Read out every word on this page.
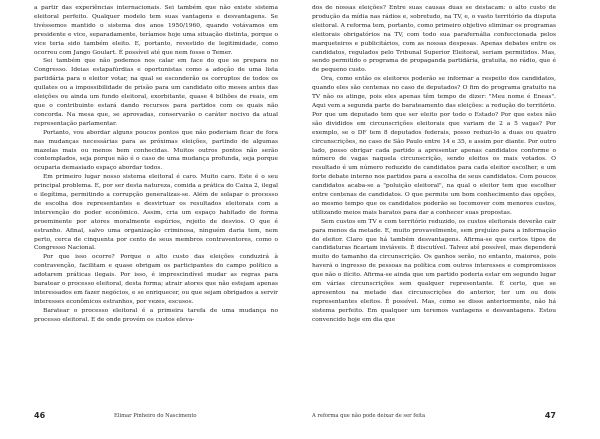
a partir das experiências internacionais. Sei também que não existe sistema eleitoral perfeito. Qualquer modelo tem suas vantagens e desvantagens. Se tivéssemos mantido o sistema dos anos 1950/1960, quando votávamos em presidente e vice, separadamente, teríamos hoje uma situação distinta, porque o vice teria sido também eleito. E, portanto, revestido de legitimidade, como ocorreu com Jango Goulart. É possível até que nem fosse o Temer.

Sei também que não podemos nos calar em face do que se prepara no Congresso. Ideias estapafúrdias e oportunistas como a adoção de uma lista partidária para o eleitor votar, na qual se esconderão os corruptos de todos os quilates ou a impossibilidade de prisão para um candidato oito meses antes das eleições ou ainda um fundo eleitoral, exorbitante, quase 4 bilhões de reais, em que o contribuinte estará dando recursos para partidos com os quais não concorda. Na mesa que, se aprovadas, conservarão o caráter nocivo da atual representação parlamentar.

Portanto, vou abordar alguns poucos pontos que não poderiam ficar de fora nas mudanças necessárias para as próximas eleições, partindo de algumas mazelas mais ou menos bem conhecidas. Muitos outros pontos não serão contemplados, seja porque não é o caso de uma mudança profunda, seja porque ocuparia demasiado espaço abordar todos.

Em primeiro lugar nosso sistema eleitoral é caro. Muito caro. Este é o seu principal problema. E, por ser desta natureza, comida a prática do Caixa 2, ilegal e ilegítima, permitindo a corrupção generalizas-se. Além de solapar o processo de escolha dos representantes e desvirtuar os resultados eleitorais com a intervenção do poder econômico. Assim, cria um espaço habitado de forma proeminente por atores moralmente espúrios, rejeito de desvios. O que é estranho. Afinal, salvo uma organização criminosa, ninguém daria tem, nem perto, cerca de cinquenta por cento de seus membros contraventores, como o Congresso Nacional.

Por que isso ocorre? Porque o alto custo das eleições conduzirá à contravenção, facilitam e quase obrigam os participantes do campo político a adotarem práticas ilegais. Por isso, é imprescindível mudar as regras para baratear o processo eleitoral, desta forma; atrair atores que não estejam apenas interessados em fazer negócios, e se enriquecer, ou que sejam obrigados a servir interesses econômicos estranhos, por vezes, escusos.

Baratear o processo eleitoral é a primeira tarefa de uma mudança no processo eleitoral. E de onde provém os custos eleva-

46	Elimar Pinheiro do Nascimento

dos de nossas eleições? Entre suas causas duas se destacam: o alto custo de produção da mídia nas rádios e, sobretudo, na TV, e, o vasto território da disputa eleitoral. A reforma tem, portanto, como primeiro objetivo eliminar os programas eleitorais obrigatórios na TV, com todo sua parafernália confeccionada pelos marqueteiros e publicitários, com as nossas despesas. Apenas debates entre os candidatos, regulados pelo Tribunal Superior Eleitoral, seriam permitidos. Mas, sendo permitido o programa de propaganda partidária, gratuita, no rádio, que é de pequeno custo.

Ora, como então os eleitores poderão se informar a respeito dos candidatos, quando eles são centenas no caso de deputados? O fim do programa gratuito na TV não os atinge, pois eles apenas têm tempo de dizer: "Meu nome é Eneas". Aqui vem a segunda parte do barateamento das eleições: a redução do território. Por que um deputado tem que ser eleito por todo o Estado? Por que estes não são divididos em circunscrições eleitorais que variam de 2 a 5 vagas? Por exemplo, se o DF tem 8 deputados federais, posso reduzi-lo a duas ou quatro circunscrições, no caso de São Paulo entre 14 e 35, e assim por diante. Por outro lado, posso obrigar cada partido a apresentar apenas candidatos conforme o número de vagas naquela circunscrição, sendo eleitos os mais votados. O resultado é um número reduzido de candidatos para cada eleitor escolher, e um forte debate interno nos partidos para a escolha de seus candidatos. Com poucos candidatos acaba-se a "poluição eleitoral", na qual o eleitor tem que escolher entre centenas de candidatos. O que permite um bom conhecimento das opções, ao mesmo tempo que os candidatos poderão se locomover com menores custos, utilizando meios mais baratos para dar a conhecer suas propostas.

Sem custos em TV e com território reduzido, os custos eleitorais deverão cair para menos da metade. E, muito provavelmente, sem prejuízo para a informação do eleitor. Claro que há também desvantagens. Afirma-se que certos tipos de candidaturas ficariam inviáveis. É discutível. Talvez até possível, mas dependerá muito do tamanho da circunscrição. Os ganhos serão, no entanto, maiores, pois haverá o ingresso de pessoas na política com outros interesses e compromissos que não o ilícito. Afirma-se ainda que um partido poderia estar em segundo lugar em várias circunscrições sem qualquer representante. É certo, que se apresentou na metade das circunscrições do anterior, ter um ou dois representantes eleitos. É possível. Mas, como se disse anteriormente, não há sistema perfeito. Em qualquer um teremos vantagens e desvantagens. Estou convencido hoje em dia que

A reforma que não pode deixar de ser feita	47
